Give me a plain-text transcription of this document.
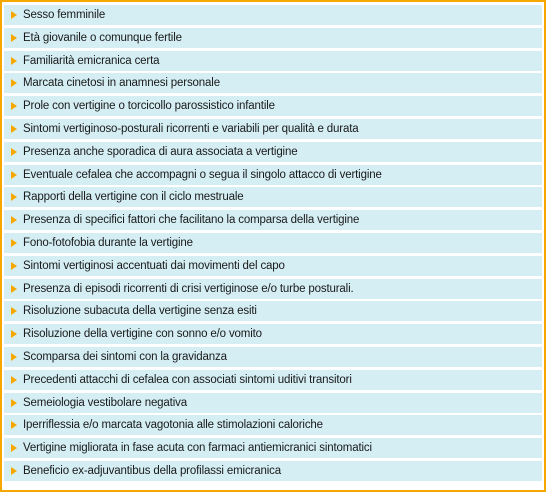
Sesso femminile
Età giovanile o comunque fertile
Familiarità emicranica certa
Marcata cinetosi in anamnesi personale
Prole con vertigine o torcicollo parossistico infantile
Sintomi vertiginoso-posturali ricorrenti e variabili per qualità e durata
Presenza anche sporadica di aura associata a vertigine
Eventuale cefalea che accompagni o segua il singolo attacco di vertigine
Rapporti della vertigine con il ciclo mestruale
Presenza di specifici fattori che facilitano la comparsa della vertigine
Fono-fotofobia durante la vertigine
Sintomi vertiginosi accentuati dai movimenti del capo
Presenza di episodi ricorrenti di crisi vertiginose e/o turbe posturali.
Risoluzione subacuta della vertigine senza esiti
Risoluzione della vertigine con sonno e/o vomito
Scomparsa dei sintomi con la gravidanza
Precedenti attacchi di cefalea con associati sintomi uditivi transitori
Semeiologia vestibolare negativa
Iperriflessia e/o marcata vagotonia alle stimolazioni caloriche
Vertigine migliorata in fase acuta con farmaci antiemicranici sintomatici
Beneficio ex-adjuvantibus della profilassi emicranica
